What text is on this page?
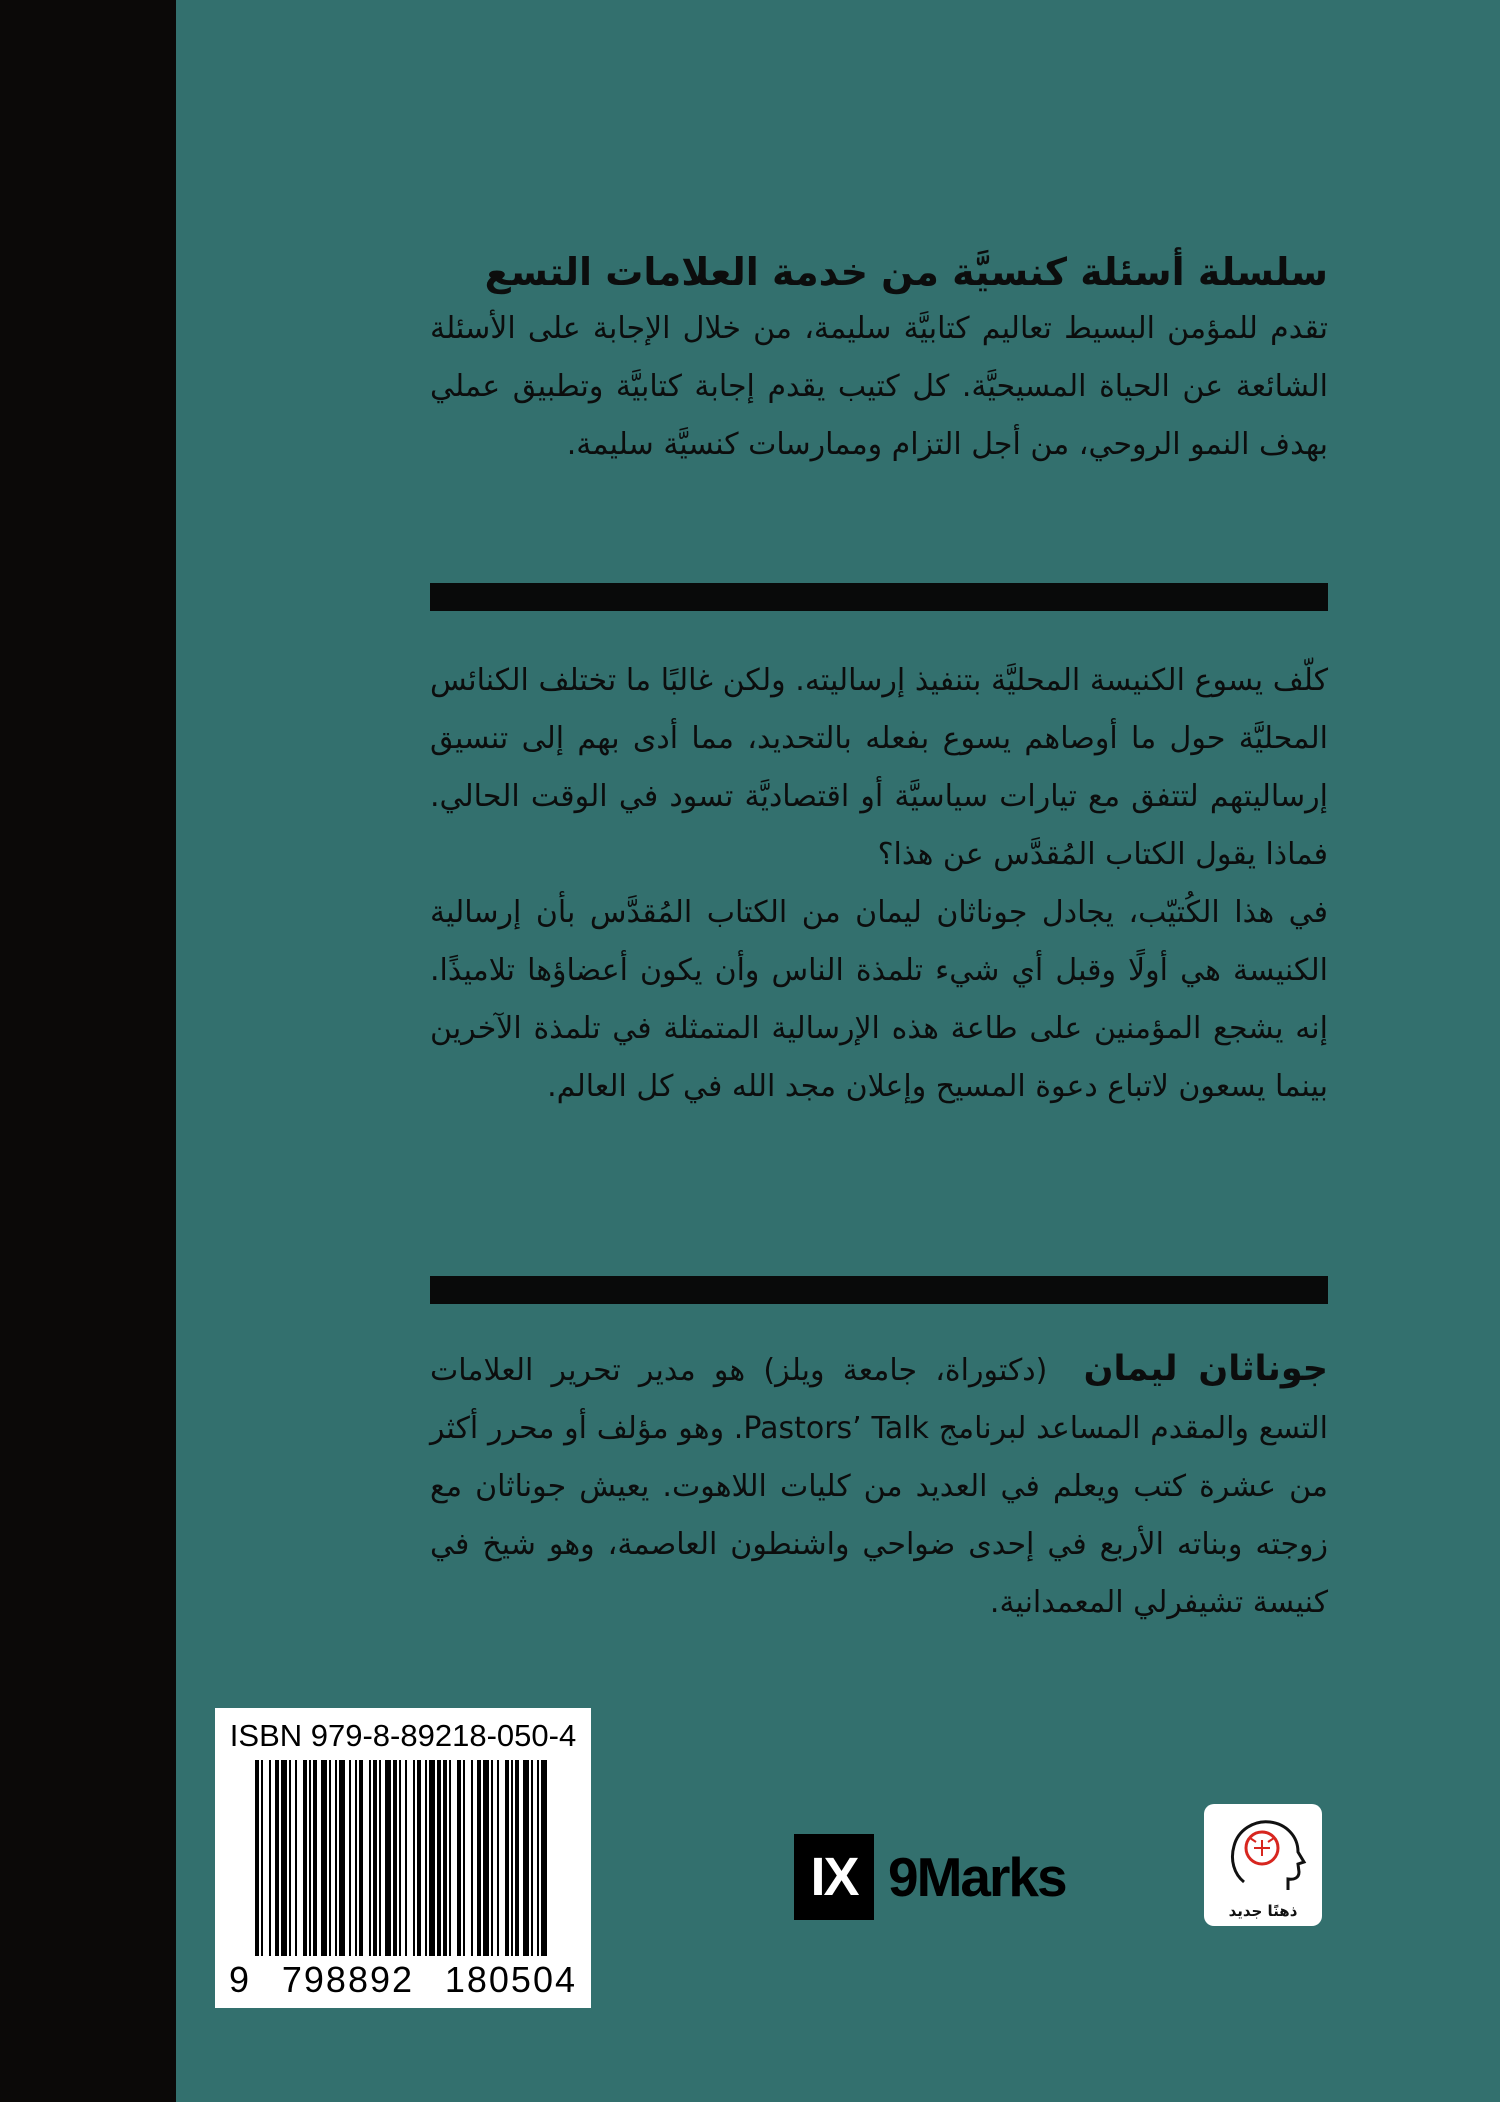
سلسلة أسئلة كنسيَّة من خدمة العلامات التسع

تقدم للمؤمن البسيط تعاليم كتابيَّة سليمة، من خلال الإجابة على الأسئلة الشائعة عن الحياة المسيحيَّة. كل كتيب يقدم إجابة كتابيَّة وتطبيق عملي بهدف النمو الروحي، من أجل التزام وممارسات كنسيَّة سليمة.

كلّف يسوع الكنيسة المحليَّة بتنفيذ إرساليته. ولكن غالبًا ما تختلف الكنائس المحليَّة حول ما أوصاهم يسوع بفعله بالتحديد، مما أدى بهم إلى تنسيق إرساليتهم لتتفق مع تيارات سياسيَّة أو اقتصاديَّة تسود في الوقت الحالي. فماذا يقول الكتاب المُقدَّس عن هذا؟

في هذا الكُتيّب، يجادل جوناثان ليمان من الكتاب المُقدَّس بأن إرسالية الكنيسة هي أولًا وقبل أي شيء تلمذة الناس وأن يكون أعضاؤها تلاميذًا. إنه يشجع المؤمنين على طاعة هذه الإرسالية المتمثلة في تلمذة الآخرين بينما يسعون لاتباع دعوة المسيح وإعلان مجد الله في كل العالم.

جوناثان ليمان (دكتوراة، جامعة ويلز) هو مدير تحرير العلامات التسع والمقدم المساعد لبرنامج Pastors’ Talk. وهو مؤلف أو محرر أكثر من عشرة كتب ويعلم في العديد من كليات اللاهوت. يعيش جوناثان مع زوجته وبناته الأربع في إحدى ضواحي واشنطون العاصمة، وهو شيخ في كنيسة تشيفرلي المعمدانية.

ISBN 979-8-89218-050-4

9 798892 180504
IX 9Marks
ذهنًا جديد
